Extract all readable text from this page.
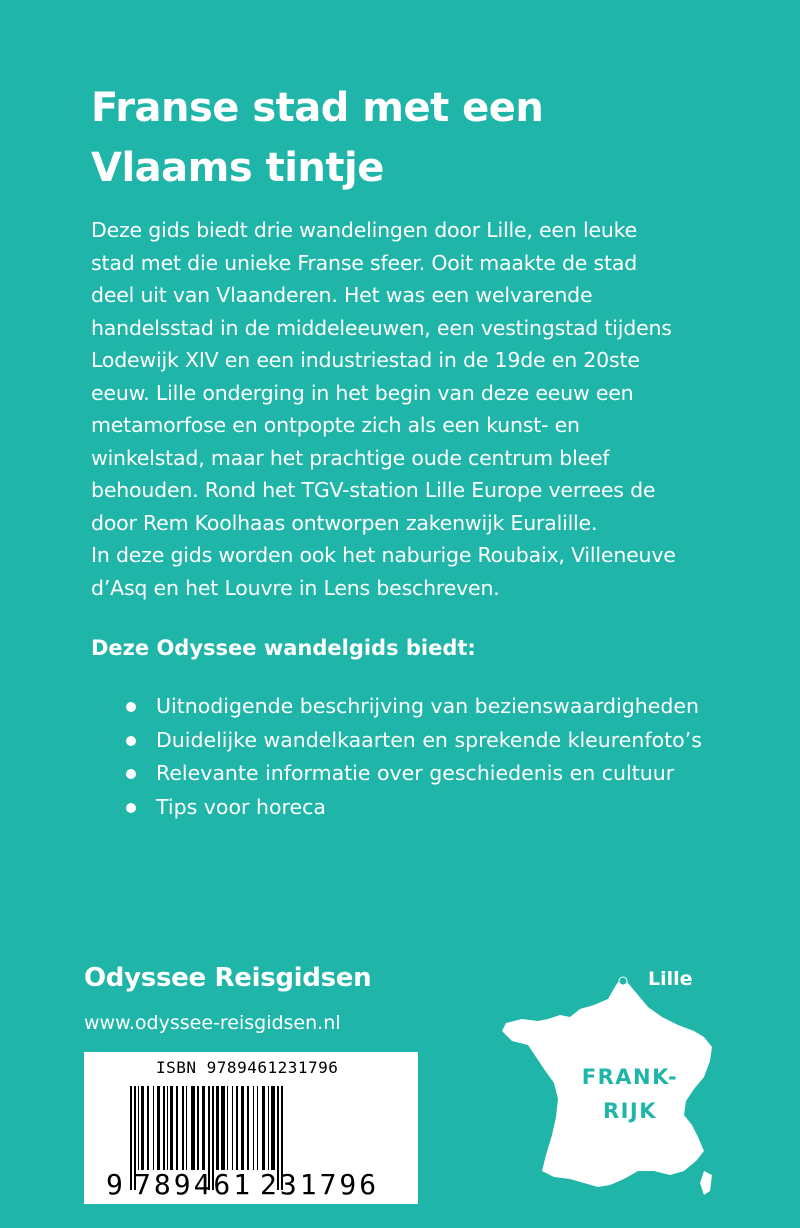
Franse stad met een
Vlaams tintje

Deze gids biedt drie wandelingen door Lille, een leuke
stad met die unieke Franse sfeer. Ooit maakte de stad
deel uit van Vlaanderen. Het was een welvarende
handelsstad in de middeleeuwen, een vestingstad tijdens
Lodewijk XIV en een industriestad in de 19de en 20ste
eeuw. Lille onderging in het begin van deze eeuw een
metamorfose en ontpopte zich als een kunst- en
winkelstad, maar het prachtige oude centrum bleef
behouden. Rond het TGV-station Lille Europe verrees de
door Rem Koolhaas ontworpen zakenwijk Euralille.
In deze gids worden ook het naburige Roubaix, Villeneuve
d’Asq en het Louvre in Lens beschreven.

Deze Odyssee wandelgids biedt:
Uitnodigende beschrijving van bezienswaardigheden
Duidelijke wandelkaarten en sprekende kleurenfoto’s
Relevante informatie over geschiedenis en cultuur
Tips voor horeca
Odyssee Reisgidsen
www.odyssee-reisgidsen.nl
9 789461 231796
ISBN 9789461231796
Lille
FRANK-
RIJK
